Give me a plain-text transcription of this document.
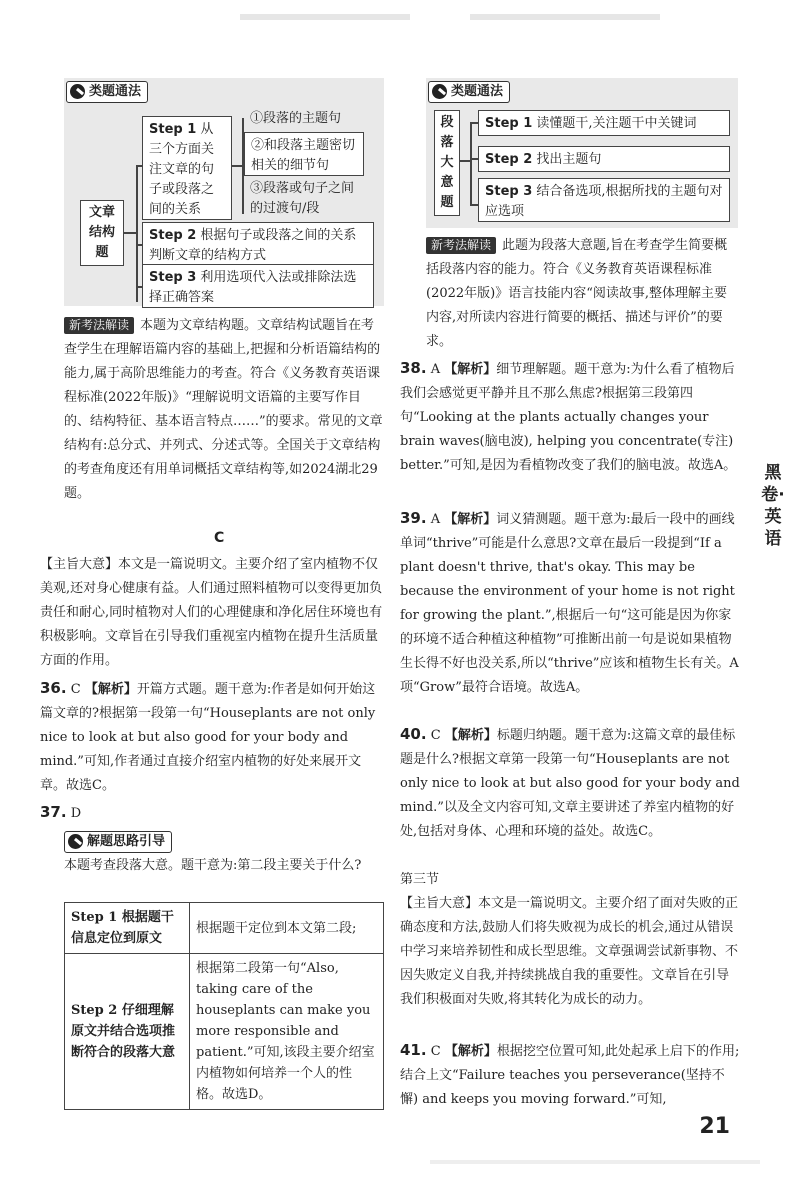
类题通法
文章结构题
Step 1 从三个方面关注文章的句子或段落之间的关系
①段落的主题句
②和段落主题密切相关的细节句
③段落或句子之间的过渡句/段
Step 2 根据句子或段落之间的关系判断文章的结构方式
Step 3 利用选项代入法或排除法选择正确答案
新考法解读 本题为文章结构题。文章结构试题旨在考查学生在理解语篇内容的基础上,把握和分析语篇结构的能力,属于高阶思维能力的考查。符合《义务教育英语课程标准(2022年版)》“理解说明文语篇的主要写作目的、结构特征、基本语言特点……”的要求。常见的文章结构有:总分式、并列式、分述式等。全国关于文章结构的考查角度还有用单词概括文章结构等,如2024湖北29题。
C
【主旨大意】本文是一篇说明文。主要介绍了室内植物不仅美观,还对身心健康有益。人们通过照料植物可以变得更加负责任和耐心,同时植物对人们的心理健康和净化居住环境也有积极影响。文章旨在引导我们重视室内植物在提升生活质量方面的作用。
36. C 【解析】开篇方式题。题干意为:作者是如何开始这篇文章的?根据第一段第一句“Houseplants are not only nice to look at but also good for your body and mind.”可知,作者通过直接介绍室内植物的好处来展开文章。故选C。
37. D
解题思路引导
本题考查段落大意。题干意为:第二段主要关于什么?
Step 1 根据题干信息定位到原文	根据题干定位到本文第二段;
Step 2 仔细理解原文并结合选项推断符合的段落大意	根据第二段第一句“Also, taking care of the houseplants can make you more responsible and patient.”可知,该段主要介绍室内植物如何培养一个人的性格。故选D。
类题通法
段落大意题
Step 1 读懂题干,关注题干中关键词
Step 2 找出主题句
Step 3 结合备选项,根据所找的主题句对应选项
新考法解读 此题为段落大意题,旨在考查学生简要概括段落内容的能力。符合《义务教育英语课程标准(2022年版)》语言技能内容“阅读故事,整体理解主要内容,对所读内容进行简要的概括、描述与评价”的要求。
38. A 【解析】细节理解题。题干意为:为什么看了植物后我们会感觉更平静并且不那么焦虑?根据第三段第四句“Looking at the plants actually changes your brain waves(脑电波), helping you concentrate(专注) better.”可知,是因为看植物改变了我们的脑电波。故选A。
39. A 【解析】词义猜测题。题干意为:最后一段中的画线单词“thrive”可能是什么意思?文章在最后一段提到“If a plant doesn't thrive, that's okay. This may be because the environment of your home is not right for growing the plant.”,根据后一句“这可能是因为你家的环境不适合种植这种植物”可推断出前一句是说如果植物生长得不好也没关系,所以“thrive”应该和植物生长有关。A项“Grow”最符合语境。故选A。
40. C 【解析】标题归纳题。题干意为:这篇文章的最佳标题是什么?根据文章第一段第一句“Houseplants are not only nice to look at but also good for your body and mind.”以及全文内容可知,文章主要讲述了养室内植物的好处,包括对身体、心理和环境的益处。故选C。
第三节
【主旨大意】本文是一篇说明文。主要介绍了面对失败的正确态度和方法,鼓励人们将失败视为成长的机会,通过从错误中学习来培养韧性和成长型思维。文章强调尝试新事物、不因失败定义自我,并持续挑战自我的重要性。文章旨在引导我们积极面对失败,将其转化为成长的动力。
41. C 【解析】根据挖空位置可知,此处起承上启下的作用;结合上文“Failure teaches you perseverance(坚持不懈) and keeps you moving forward.”可知,
黑卷·英语
21
